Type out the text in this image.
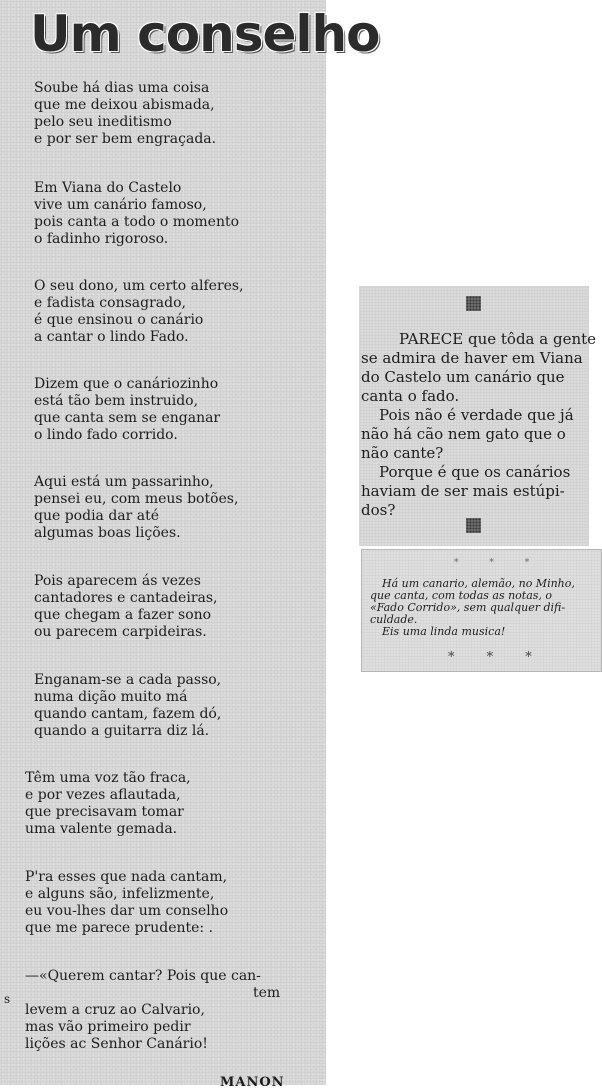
Um conselho
Soube há dias uma coisa
que me deixou abismada,
pelo seu ineditismo
e por ser bem engraçada.
Em Viana do Castelo
vive um canário famoso,
pois canta a todo o momento
o fadinho rigoroso.
O seu dono, um certo alferes,
e fadista consagrado,
é que ensinou o canário
a cantar o lindo Fado.
Dizem que o canáriozinho
está tão bem instruido,
que canta sem se enganar
o lindo fado corrido.
Aqui está um passarinho,
pensei eu, com meus botões,
que podia dar até
algumas boas lições.
Pois aparecem ás vezes
cantadores e cantadeiras,
que chegam a fazer sono
ou parecem carpideiras.
Enganam-se a cada passo,
numa dição muito má
quando cantam, fazem dó,
quando a guitarra diz lá.
Têm uma voz tão fraca,
e por vezes aflautada,
que precisavam tomar
uma valente gemada.
P'ra esses que nada cantam,
e alguns são, infelizmente,
eu vou-lhes dar um conselho
que me parece prudente: .
—«Querem cantar? Pois que can-
tem
levem a cruz ao Calvario,
mas vão primeiro pedir
lições ac Senhor Canário!
MANON
s
PARECE que tôda a gente
se admira de haver em Viana
do Castelo um canário que
canta o fado.
Pois não é verdade que já
não há cão nem gato que o
não cante?
Porque é que os canários
haviam de ser mais estúpi-
dos?
* * *
Há um canario, alemão, no Minho,
que canta, com todas as notas, o
«Fado Corrido», sem qualquer difi-
culdade.
Eis uma linda musica!
* * *
